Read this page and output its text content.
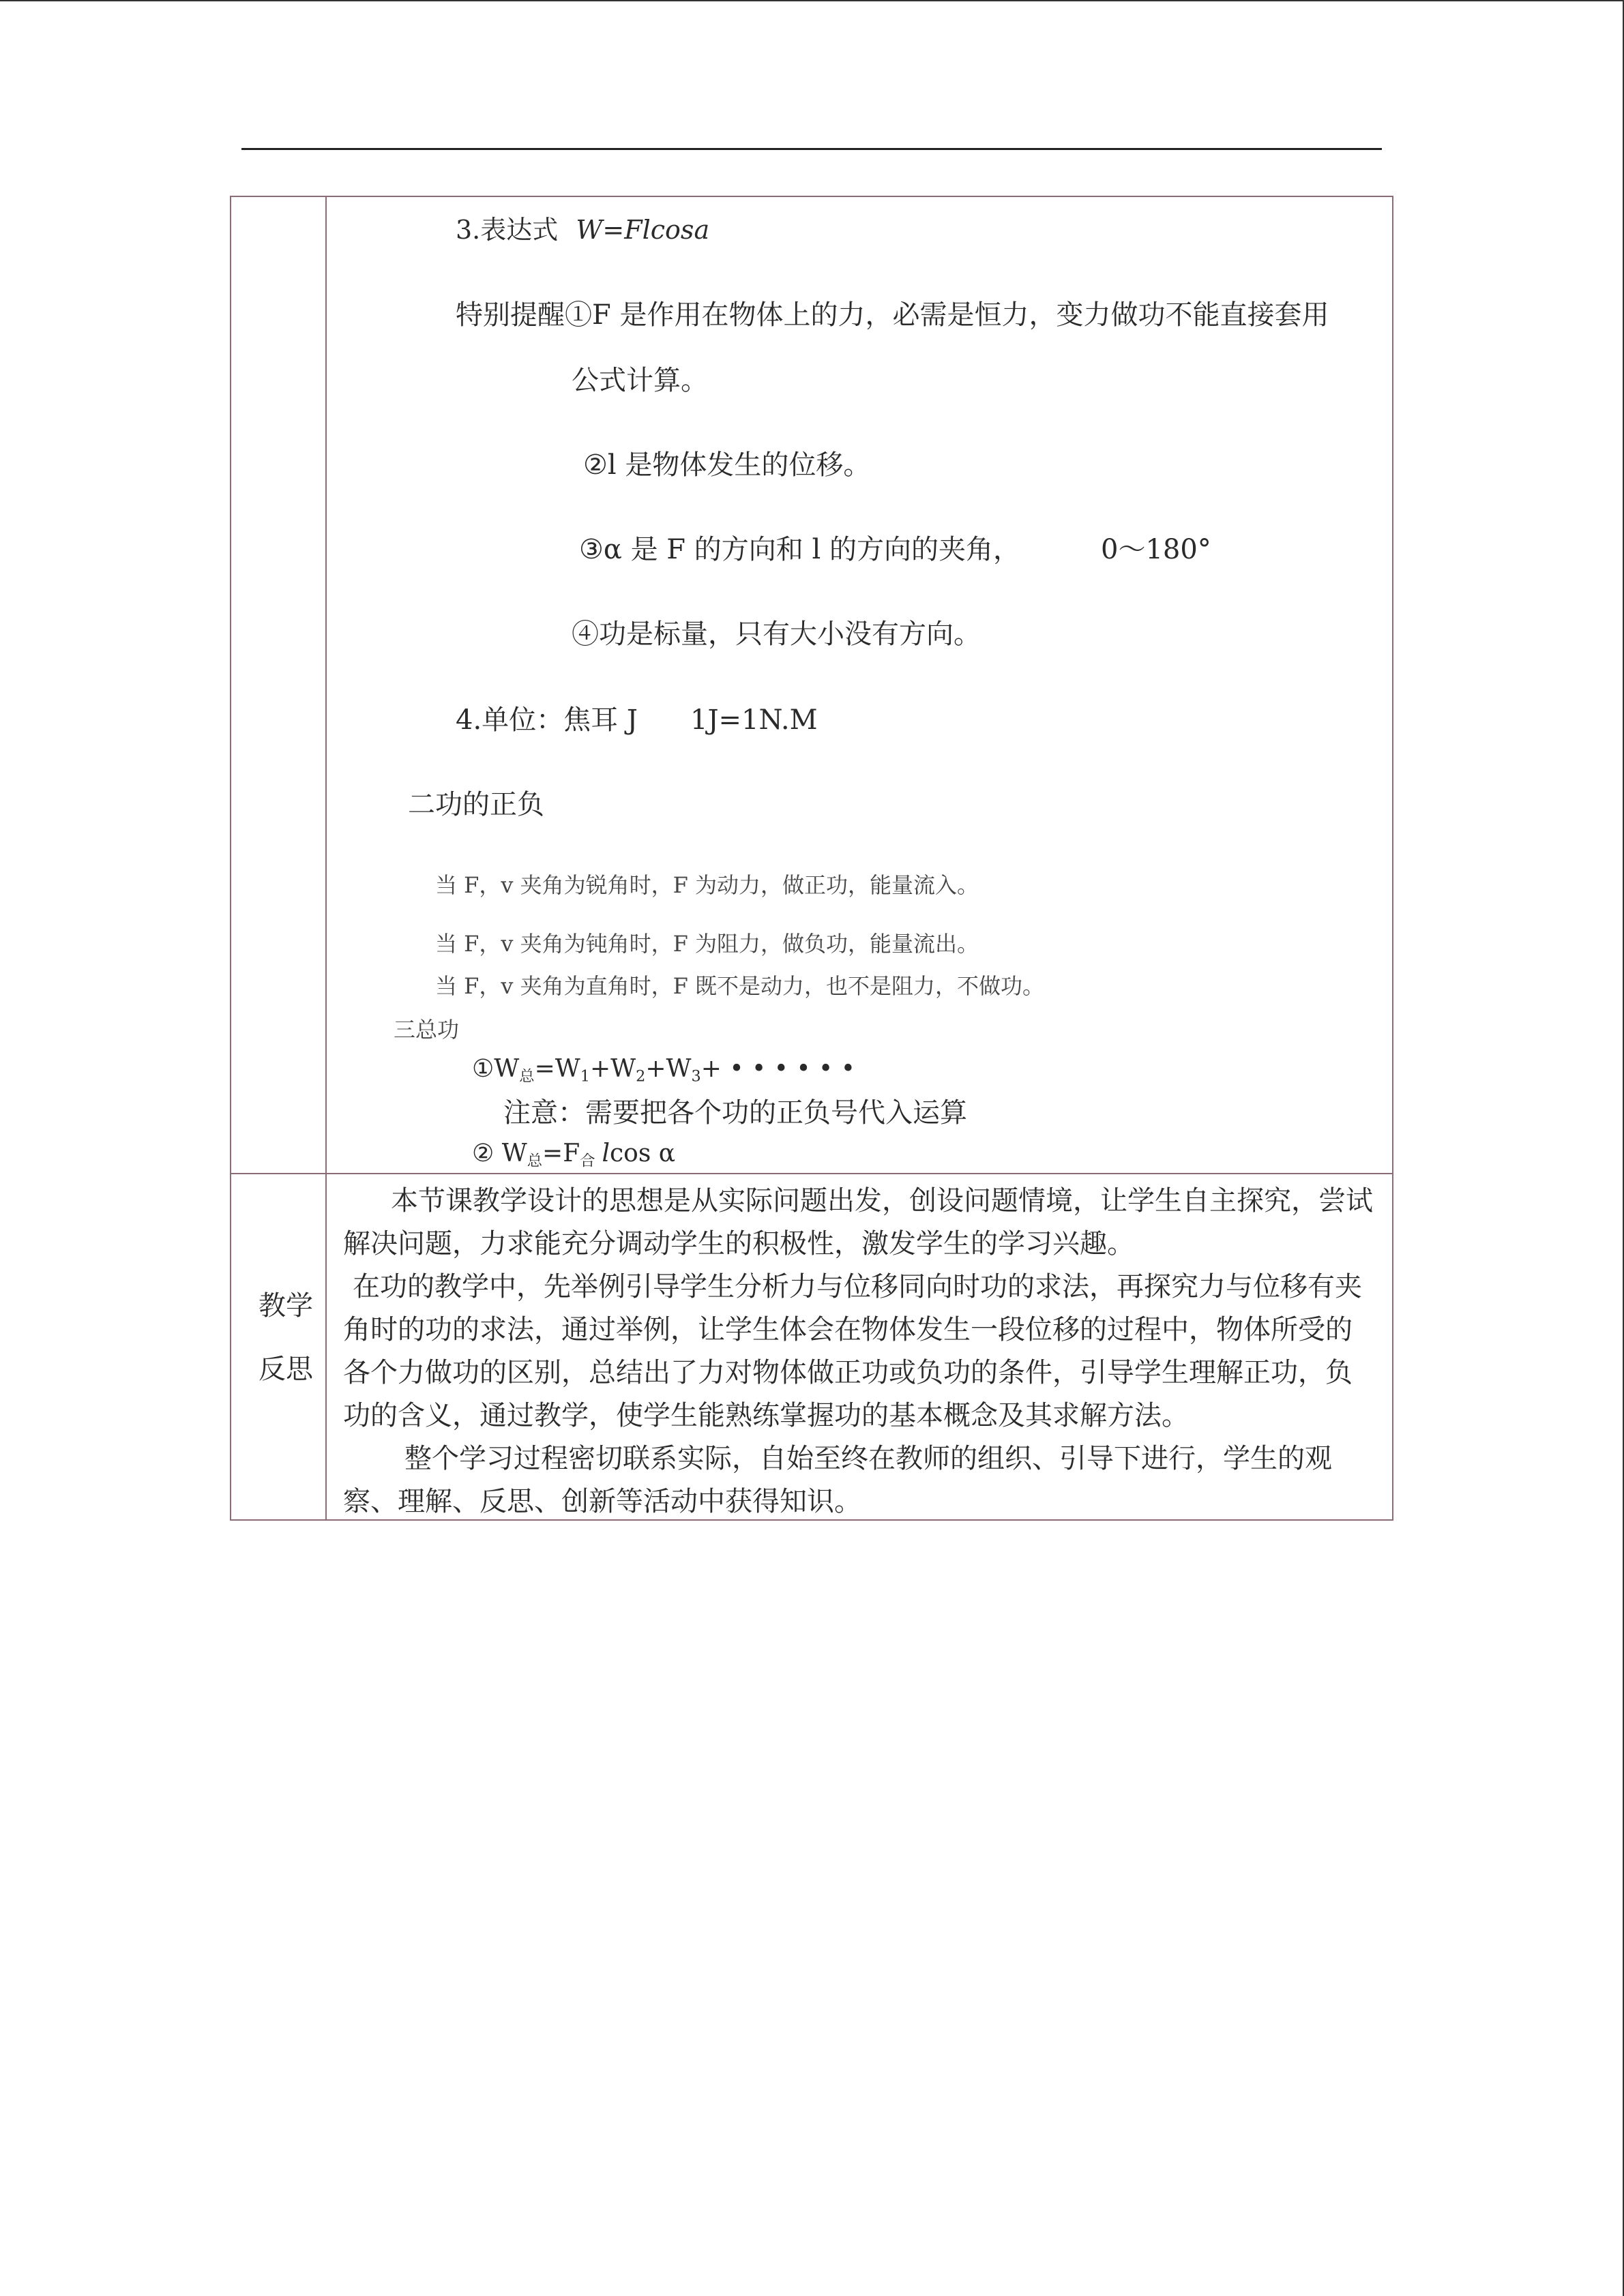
3.表达式 W=Flcosa
特别提醒①F 是作用在物体上的力，必需是恒力，变力做功不能直接套用
公式计算。
②l 是物体发生的位移。
③α 是 F 的方向和 l 的方向的夹角，	0～180°
④功是标量，只有大小没有方向。
4.单位：焦耳 J 1J=1N.M
二功的正负
当 F，v 夹角为锐角时，F 为动力，做正功，能量流入。
当 F，v 夹角为钝角时，F 为阻力，做负功，能量流出。
当 F，v 夹角为直角时，F 既不是动力，也不是阻力，不做功。
三总功
$①W_总=W_1+W_2+W_3+$ • • • • • •
注意：需要把各个功的正负号代入运算
② $W_总=F_合$ lcos α
教学
反思

本节课教学设计的思想是从实际问题出发，创设问题情境，让学生自主探究，尝试解决问题，力求能充分调动学生的积极性，激发学生的学习兴趣。

在功的教学中，先举例引导学生分析力与位移同向时功的求法，再探究力与位移有夹角时的功的求法，通过举例，让学生体会在物体发生一段位移的过程中，物体所受的各个力做功的区别，总结出了力对物体做正功或负功的条件，引导学生理解正功，负功的含义，通过教学，使学生能熟练掌握功的基本概念及其求解方法。

整个学习过程密切联系实际，自始至终在教师的组织、引导下进行，学生的观察、理解、反思、创新等活动中获得知识。
